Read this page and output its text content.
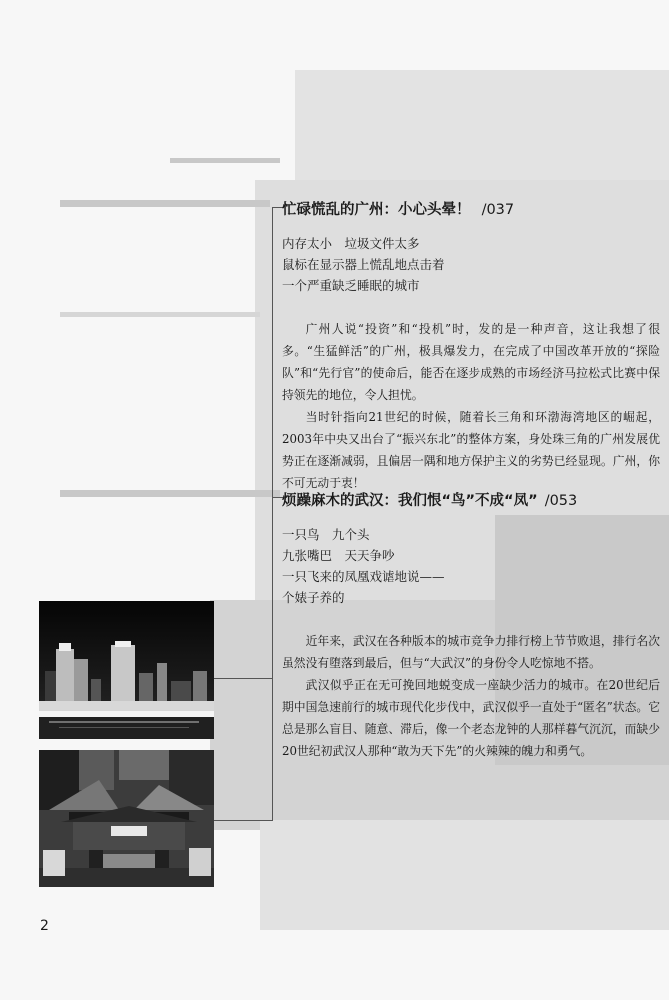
忙碌慌乱的广州：小心头晕！ /037

内存太小　垃圾文件太多

鼠标在显示器上慌乱地点击着

一个严重缺乏睡眠的城市

广州人说“投资”和“投机”时，发的是一种声音，这让我想了很多。“生猛鲜活”的广州，极具爆发力，在完成了中国改革开放的“探险队”和“先行官”的使命后，能否在逐步成熟的市场经济马拉松式比赛中保持领先的地位，令人担忧。

当时针指向21世纪的时候，随着长三角和环渤海湾地区的崛起，2003年中央又出台了“振兴东北”的整体方案，身处珠三角的广州发展优势正在逐渐减弱，且偏居一隅和地方保护主义的劣势已经显现。广州，你不可无动于衷！

烦躁麻木的武汉：我们恨“鸟”不成“凤” /053

一只鸟　九个头

九张嘴巴　天天争吵

一只飞来的凤凰戏谑地说——

个婊子养的

近年来，武汉在各种版本的城市竞争力排行榜上节节败退，排行名次虽然没有堕落到最后，但与“大武汉”的身份令人吃惊地不搭。

武汉似乎正在无可挽回地蜕变成一座缺少活力的城市。在20世纪后期中国急速前行的城市现代化步伐中，武汉似乎一直处于“匿名”状态。它总是那么盲目、随意、滞后，像一个老态龙钟的人那样暮气沉沉，而缺少20世纪初武汉人那种“敢为天下先”的火辣辣的魄力和勇气。

2
